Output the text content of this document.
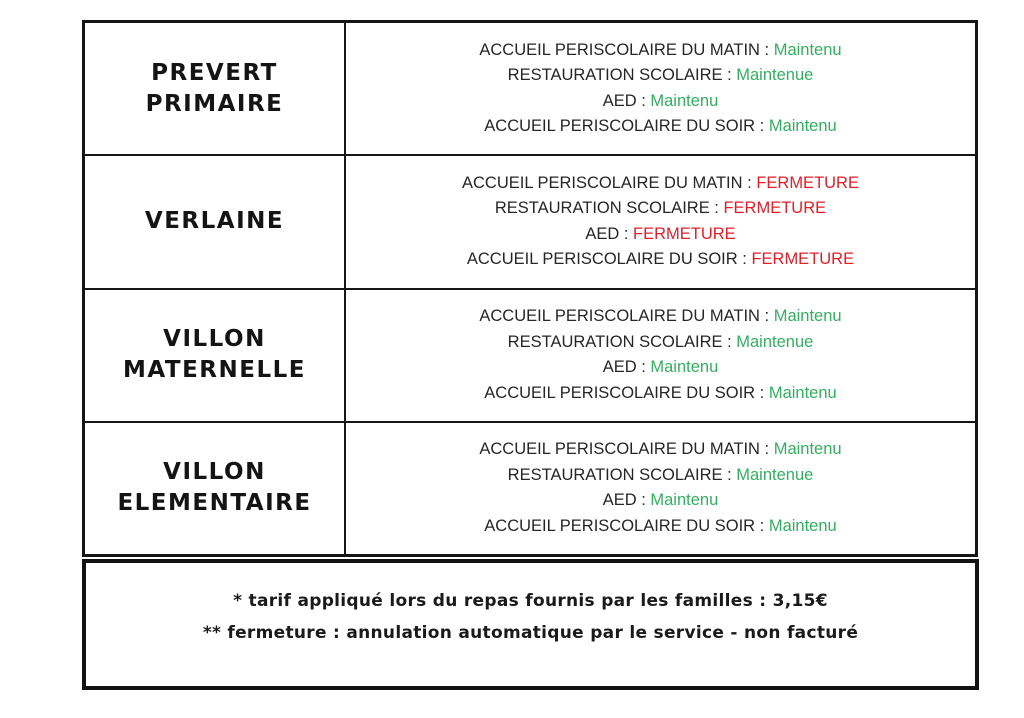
PREVERT
PRIMAIRE
ACCUEIL PERISCOLAIRE DU MATIN : Maintenu
RESTAURATION SCOLAIRE : Maintenue
AED : Maintenu
ACCUEIL PERISCOLAIRE DU SOIR : Maintenu
VERLAINE
ACCUEIL PERISCOLAIRE DU MATIN : FERMETURE
RESTAURATION SCOLAIRE : FERMETURE
AED : FERMETURE
ACCUEIL PERISCOLAIRE DU SOIR : FERMETURE
VILLON
MATERNELLE
ACCUEIL PERISCOLAIRE DU MATIN : Maintenu
RESTAURATION SCOLAIRE : Maintenue
AED : Maintenu
ACCUEIL PERISCOLAIRE DU SOIR : Maintenu
VILLON
ELEMENTAIRE
ACCUEIL PERISCOLAIRE DU MATIN : Maintenu
RESTAURATION SCOLAIRE : Maintenue
AED : Maintenu
ACCUEIL PERISCOLAIRE DU SOIR : Maintenu
* tarif appliqué lors du repas fournis par les familles : 3,15€
** fermeture : annulation automatique par le service - non facturé
